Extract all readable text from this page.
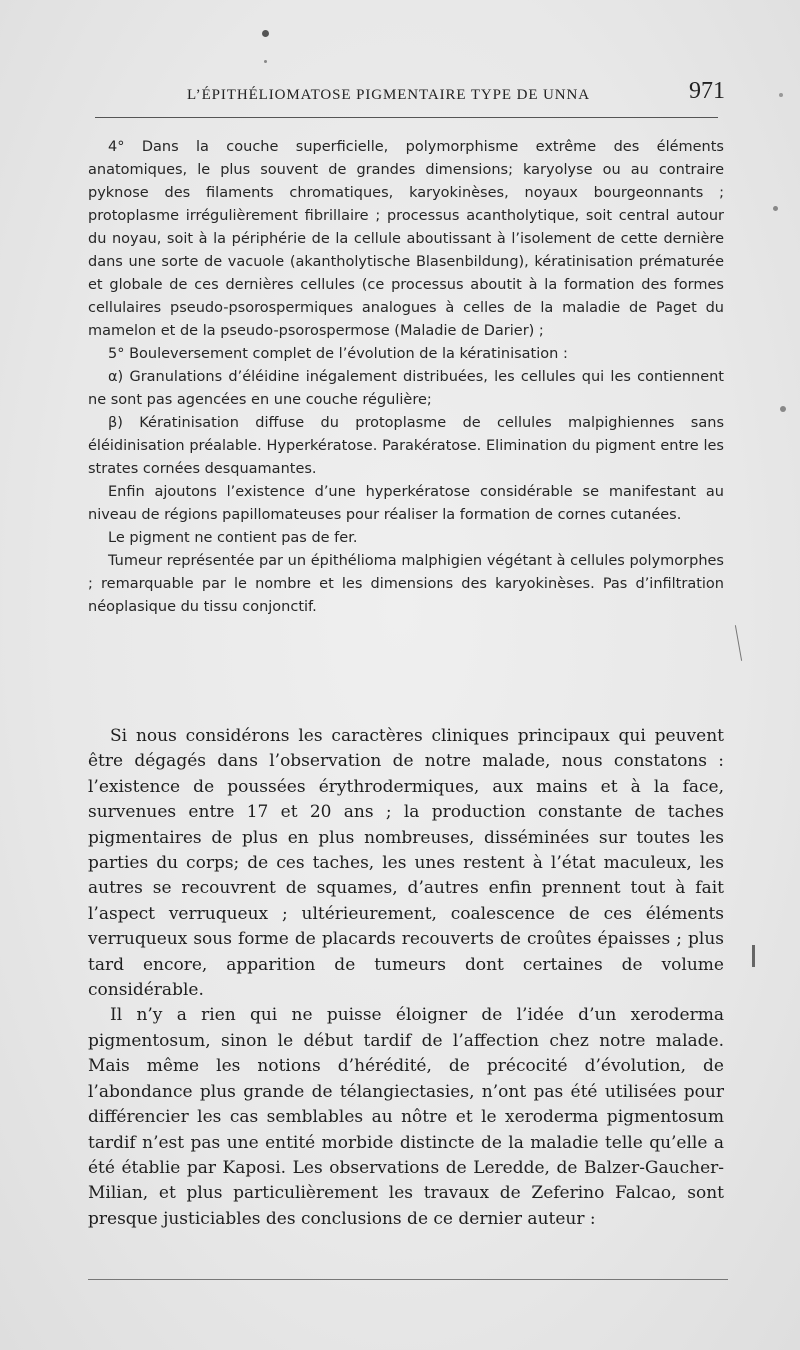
L’ÉPITHÉLIOMATOSE PIGMENTAIRE TYPE DE UNNA	971

4° Dans la couche superficielle, polymorphisme extrême des éléments anatomiques, le plus souvent de grandes dimensions; karyolyse ou au contraire pyknose des filaments chromatiques, karyokinèses, noyaux bourgeonnants ; protoplasme irrégulièrement fibrillaire ; processus acantholytique, soit central autour du noyau, soit à la périphérie de la cellule aboutissant à l’isolement de cette dernière dans une sorte de vacuole (akantholytische Blasenbildung), kératinisation prématurée et globale de ces dernières cellules (ce processus aboutit à la formation des formes cellulaires pseudo-psorospermiques analogues à celles de la maladie de Paget du mamelon et de la pseudo-psorospermose (Maladie de Darier) ;

5° Bouleversement complet de l’évolution de la kératinisation :

α) Granulations d’éléidine inégalement distribuées, les cellules qui les contiennent ne sont pas agencées en une couche régulière;

β) Kératinisation diffuse du protoplasme de cellules malpighiennes sans éléidinisation préalable. Hyperkératose. Parakératose. Elimination du pigment entre les strates cornées desquamantes.

Enfin ajoutons l’existence d’une hyperkératose considérable se manifestant au niveau de régions papillomateuses pour réaliser la formation de cornes cutanées.

Le pigment ne contient pas de fer.

Tumeur représentée par un épithélioma malphigien végétant à cellules polymorphes ; remarquable par le nombre et les dimensions des karyokinèses. Pas d’infiltration néoplasique du tissu conjonctif.

Si nous considérons les caractères cliniques principaux qui peuvent être dégagés dans l’observation de notre malade, nous constatons : l’existence de poussées érythrodermiques, aux mains et à la face, survenues entre 17 et 20 ans ; la production constante de taches pigmentaires de plus en plus nombreuses, disséminées sur toutes les parties du corps; de ces taches, les unes restent à l’état maculeux, les autres se recouvrent de squames, d’autres enfin prennent tout à fait l’aspect verruqueux ; ultérieurement, coalescence de ces éléments verruqueux sous forme de placards recouverts de croûtes épaisses ; plus tard encore, apparition de tumeurs dont certaines de volume considérable.

Il n’y a rien qui ne puisse éloigner de l’idée d’un xeroderma pigmentosum, sinon le début tardif de l’affection chez notre malade. Mais même les notions d’hérédité, de précocité d’évolution, de l’abondance plus grande de télangiectasies, n’ont pas été utilisées pour différencier les cas semblables au nôtre et le xeroderma pigmentosum tardif n’est pas une entité morbide distincte de la maladie telle qu’elle a été établie par Kaposi. Les observations de Leredde, de Balzer-Gaucher-Milian, et plus particulièrement les travaux de Zeferino Falcao, sont presque justiciables des conclusions de ce dernier auteur :
